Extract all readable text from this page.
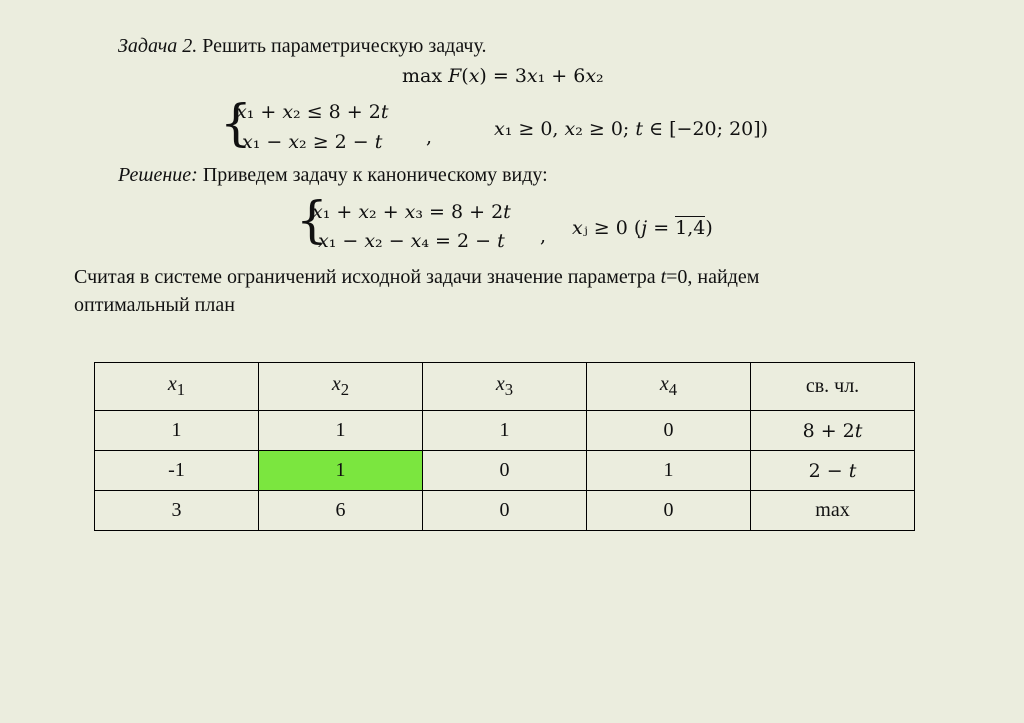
Задача 2. Решить параметрическую задачу.
max 𝐹(𝑥) = 3𝑥₁ + 6𝑥₂
{
𝑥₁ + 𝑥₂ ≤ 8 + 2𝑡
𝑥₁ − 𝑥₂ ≥ 2 − 𝑡 ,	𝑥₁ ≥ 0, 𝑥₂ ≥ 0; 𝑡 ∈ [−20; 20])
Решение: Приведем задачу к каноническому виду:
{
𝑥₁ + 𝑥₂ + 𝑥₃ = 8 + 2𝑡
𝑥₁ − 𝑥₂ − 𝑥₄ = 2 − 𝑡 , 𝑥ⱼ ≥ 0 (𝑗 = 1,4)
Считая в системе ограничений исходной задачи значение параметра t=0, найдем
оптимальный план
$x_1$	$x_2$	$x_3$	$x_4$	св. чл.
1	1	1	0	8 + 2𝑡
-1	1	0	1	2 − 𝑡
3	6	0	0	max
